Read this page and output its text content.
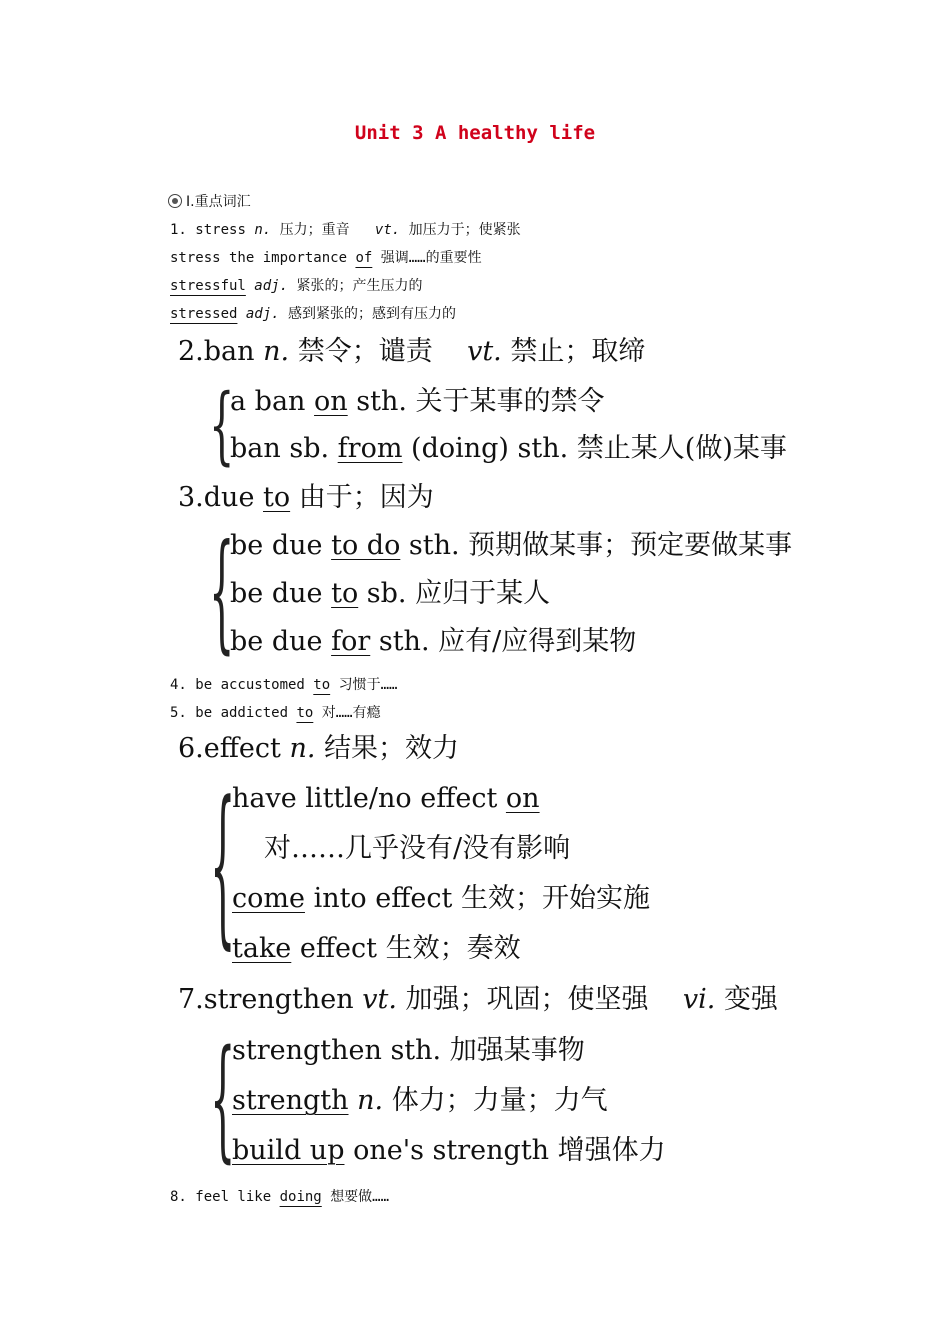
Unit 3 A healthy life
Ⅰ.重点词汇
1. stress n. 压力；重音 vt. 加压力于；使紧张
stress the importance of 强调……的重要性
stressful adj. 紧张的；产生压力的
stressed adj. 感到紧张的；感到有压力的
2.ban n. 禁令；谴责 vt. 禁止；取缔
{
a ban on sth. 关于某事的禁令
ban sb. from (doing) sth. 禁止某人(做)某事
3.due to 由于；因为
{
be due to do sth. 预期做某事；预定要做某事
be due to sb. 应归于某人
be due for sth. 应有/应得到某物
4. be accustomed to 习惯于……
5. be addicted to 对……有瘾
6.effect n. 结果；效力
{
have little/no effect on
对……几乎没有/没有影响
come into effect 生效；开始实施
take effect 生效；奏效
7.strengthen vt. 加强；巩固；使坚强 vi. 变强
{
strengthen sth. 加强某事物
strength n. 体力；力量；力气
build up one's strength 增强体力
8. feel like doing 想要做……
